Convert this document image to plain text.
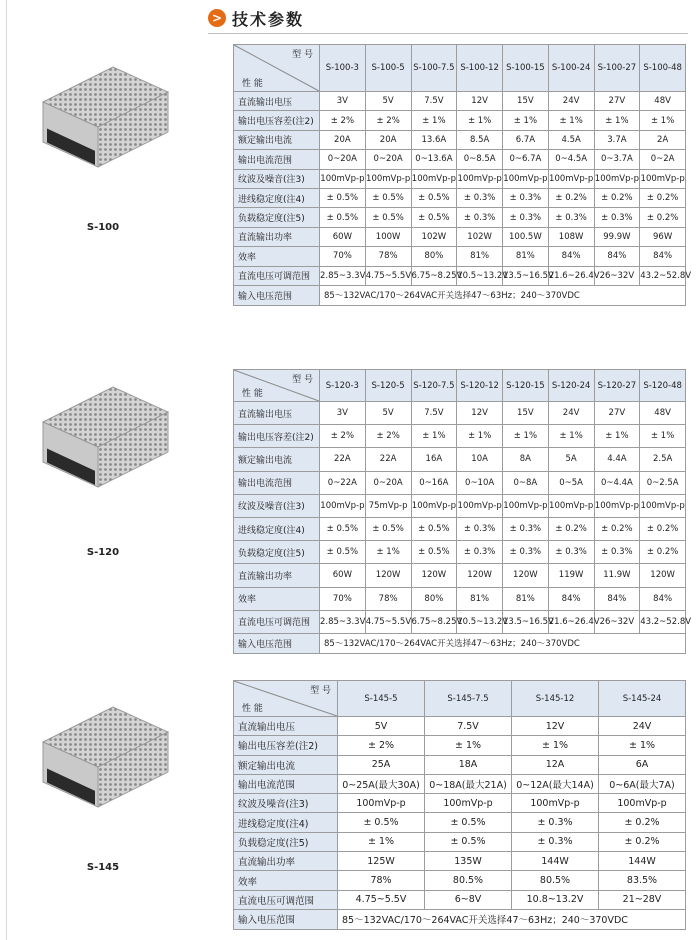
> 技术参数
S-100
S-120
S-145
型 号
性 能	S-100-3	S-100-5	S-100-7.5	S-100-12	S-100-15	S-100-24	S-100-27	S-100-48
直流输出电压	3V	5V	7.5V	12V	15V	24V	27V	48V
输出电压容差(注2)	± 2%	± 2%	± 1%	± 1%	± 1%	± 1%	± 1%	± 1%
额定输出电流	20A	20A	13.6A	8.5A	6.7A	4.5A	3.7A	2A
输出电流范围	0~20A	0~20A	0~13.6A	0~8.5A	0~6.7A	0~4.5A	0~3.7A	0~2A
纹波及噪音(注3)	100mVp-p	100mVp-p	100mVp-p	100mVp-p	100mVp-p	100mVp-p	100mVp-p	100mVp-p
进线稳定度(注4)	± 0.5%	± 0.5%	± 0.5%	± 0.3%	± 0.3%	± 0.2%	± 0.2%	± 0.2%
负载稳定度(注5)	± 0.5%	± 0.5%	± 0.5%	± 0.3%	± 0.3%	± 0.3%	± 0.3%	± 0.2%
直流输出功率	60W	100W	102W	102W	100.5W	108W	99.9W	96W
效率	70%	78%	80%	81%	81%	84%	84%	84%
直流电压可调范围	2.85~3.3V	4.75~5.5V	6.75~8.25V	10.5~13.2V	13.5~16.5V	21.6~26.4V	26~32V	43.2~52.8V
输入电压范围	85～132VAC/170～264VAC开关选择47～63Hz；240～370VDC							
型 号
性 能	S-120-3	S-120-5	S-120-7.5	S-120-12	S-120-15	S-120-24	S-120-27	S-120-48
直流输出电压	3V	5V	7.5V	12V	15V	24V	27V	48V
输出电压容差(注2)	± 2%	± 2%	± 1%	± 1%	± 1%	± 1%	± 1%	± 1%
额定输出电流	22A	22A	16A	10A	8A	5A	4.4A	2.5A
输出电流范围	0~22A	0~20A	0~16A	0~10A	0~8A	0~5A	0~4.4A	0~2.5A
纹波及噪音(注3)	100mVp-p	75mVp-p	100mVp-p	100mVp-p	100mVp-p	100mVp-p	100mVp-p	100mVp-p
进线稳定度(注4)	± 0.5%	± 0.5%	± 0.5%	± 0.3%	± 0.3%	± 0.2%	± 0.2%	± 0.2%
负载稳定度(注5)	± 0.5%	± 1%	± 0.5%	± 0.3%	± 0.3%	± 0.3%	± 0.3%	± 0.2%
直流输出功率	60W	120W	120W	120W	120W	119W	11.9W	120W
效率	70%	78%	80%	81%	81%	84%	84%	84%
直流电压可调范围	2.85~3.3V	4.75~5.5V	6.75~8.25V	10.5~13.2V	13.5~16.5V	21.6~26.4V	26~32V	43.2~52.8V
输入电压范围	85～132VAC/170～264VAC开关选择47～63Hz；240～370VDC							
型 号
性 能	S-145-5	S-145-7.5	S-145-12	S-145-24
直流输出电压	5V	7.5V	12V	24V
输出电压容差(注2)	± 2%	± 1%	± 1%	± 1%
额定输出电流	25A	18A	12A	6A
输出电流范围	0~25A(最大30A)	0~18A(最大21A)	0~12A(最大14A)	0~6A(最大7A)
纹波及噪音(注3)	100mVp-p	100mVp-p	100mVp-p	100mVp-p
进线稳定度(注4)	± 0.5%	± 0.5%	± 0.3%	± 0.2%
负载稳定度(注5)	± 1%	± 0.5%	± 0.3%	± 0.2%
直流输出功率	125W	135W	144W	144W
效率	78%	80.5%	80.5%	83.5%
直流电压可调范围	4.75~5.5V	6~8V	10.8~13.2V	21~28V
输入电压范围	85～132VAC/170～264VAC开关选择47～63Hz；240～370VDC			
